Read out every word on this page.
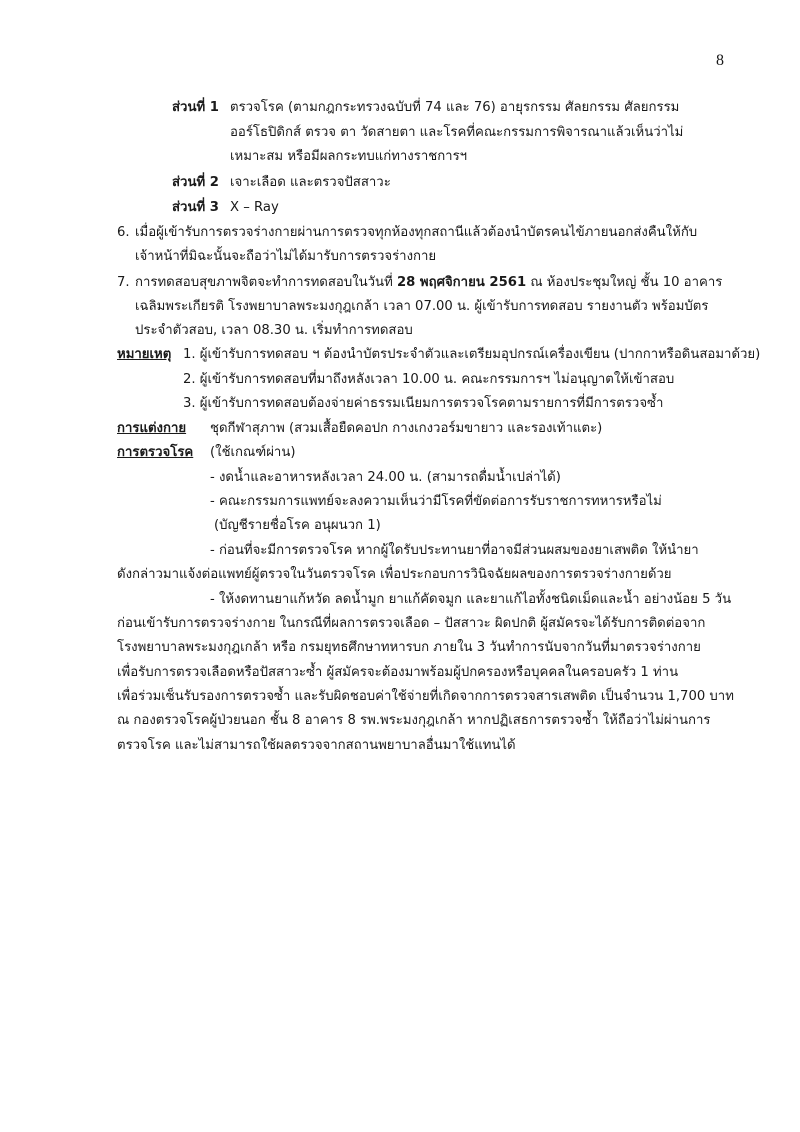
8
ส่วนที่ 1 ตรวจโรค (ตามกฎกระทรวงฉบับที่ 74 และ 76) อายุรกรรม ศัลยกรรม ศัลยกรรม
ออร์โธปิดิกส์ ตรวจ ตา วัดสายตา และโรคที่คณะกรรมการพิจารณาแล้วเห็นว่าไม่
เหมาะสม หรือมีผลกระทบแก่ทางราชการฯ
ส่วนที่ 2 เจาะเลือด และตรวจปัสสาวะ
ส่วนที่ 3 X – Ray
6. เมื่อผู้เข้ารับการตรวจร่างกายผ่านการตรวจทุกห้องทุกสถานีแล้วต้องนำบัตรคนไข้ภายนอกส่งคืนให้กับ
เจ้าหน้าที่มิฉะนั้นจะถือว่าไม่ได้มารับการตรวจร่างกาย
7. การทดสอบสุขภาพจิตจะทำการทดสอบในวันที่ 28 พฤศจิกายน 2561 ณ ห้องประชุมใหญ่ ชั้น 10 อาคาร
เฉลิมพระเกียรติ โรงพยาบาลพระมงกุฎเกล้า เวลา 07.00 น. ผู้เข้ารับการทดสอบ รายงานตัว พร้อมบัตร
ประจำตัวสอบ, เวลา 08.30 น. เริ่มทำการทดสอบ
หมายเหตุ 1. ผู้เข้ารับการทดสอบ ฯ ต้องนำบัตรประจำตัวและเตรียมอุปกรณ์เครื่องเขียน (ปากกาหรือดินสอมาด้วย)
2. ผู้เข้ารับการทดสอบที่มาถึงหลังเวลา 10.00 น. คณะกรรมการฯ ไม่อนุญาตให้เข้าสอบ
3. ผู้เข้ารับการทดสอบต้องจ่ายค่าธรรมเนียมการตรวจโรคตามรายการที่มีการตรวจซ้ำ
การแต่งกาย ชุดกีฬาสุภาพ (สวมเสื้อยืดคอปก กางเกงวอร์มขายาว และรองเท้าแตะ)
การตรวจโรค (ใช้เกณฑ์ผ่าน)
- งดน้ำและอาหารหลังเวลา 24.00 น. (สามารถดื่มน้ำเปล่าได้)
- คณะกรรมการแพทย์จะลงความเห็นว่ามีโรคที่ขัดต่อการรับราชการทหารหรือไม่
(บัญชีรายชื่อโรค อนุผนวก 1)
- ก่อนที่จะมีการตรวจโรค หากผู้ใดรับประทานยาที่อาจมีส่วนผสมของยาเสพติด ให้นำยา
ดังกล่าวมาแจ้งต่อแพทย์ผู้ตรวจในวันตรวจโรค เพื่อประกอบการวินิจฉัยผลของการตรวจร่างกายด้วย
- ให้งดทานยาแก้หวัด ลดน้ำมูก ยาแก้คัดจมูก และยาแก้ไอทั้งชนิดเม็ดและน้ำ อย่างน้อย 5 วัน
ก่อนเข้ารับการตรวจร่างกาย ในกรณีที่ผลการตรวจเลือด – ปัสสาวะ ผิดปกติ ผู้สมัครจะได้รับการติดต่อจาก
โรงพยาบาลพระมงกุฎเกล้า หรือ กรมยุทธศึกษาทหารบก ภายใน 3 วันทำการนับจากวันที่มาตรวจร่างกาย
เพื่อรับการตรวจเลือดหรือปัสสาวะซ้ำ ผู้สมัครจะต้องมาพร้อมผู้ปกครองหรือบุคคลในครอบครัว 1 ท่าน
เพื่อร่วมเซ็นรับรองการตรวจซ้ำ และรับผิดชอบค่าใช้จ่ายที่เกิดจากการตรวจสารเสพติด เป็นจำนวน 1,700 บาท
ณ กองตรวจโรคผู้ป่วยนอก ชั้น 8 อาคาร 8 รพ.พระมงกุฎเกล้า หากปฏิเสธการตรวจซ้ำ ให้ถือว่าไม่ผ่านการ
ตรวจโรค และไม่สามารถใช้ผลตรวจจากสถานพยาบาลอื่นมาใช้แทนได้
